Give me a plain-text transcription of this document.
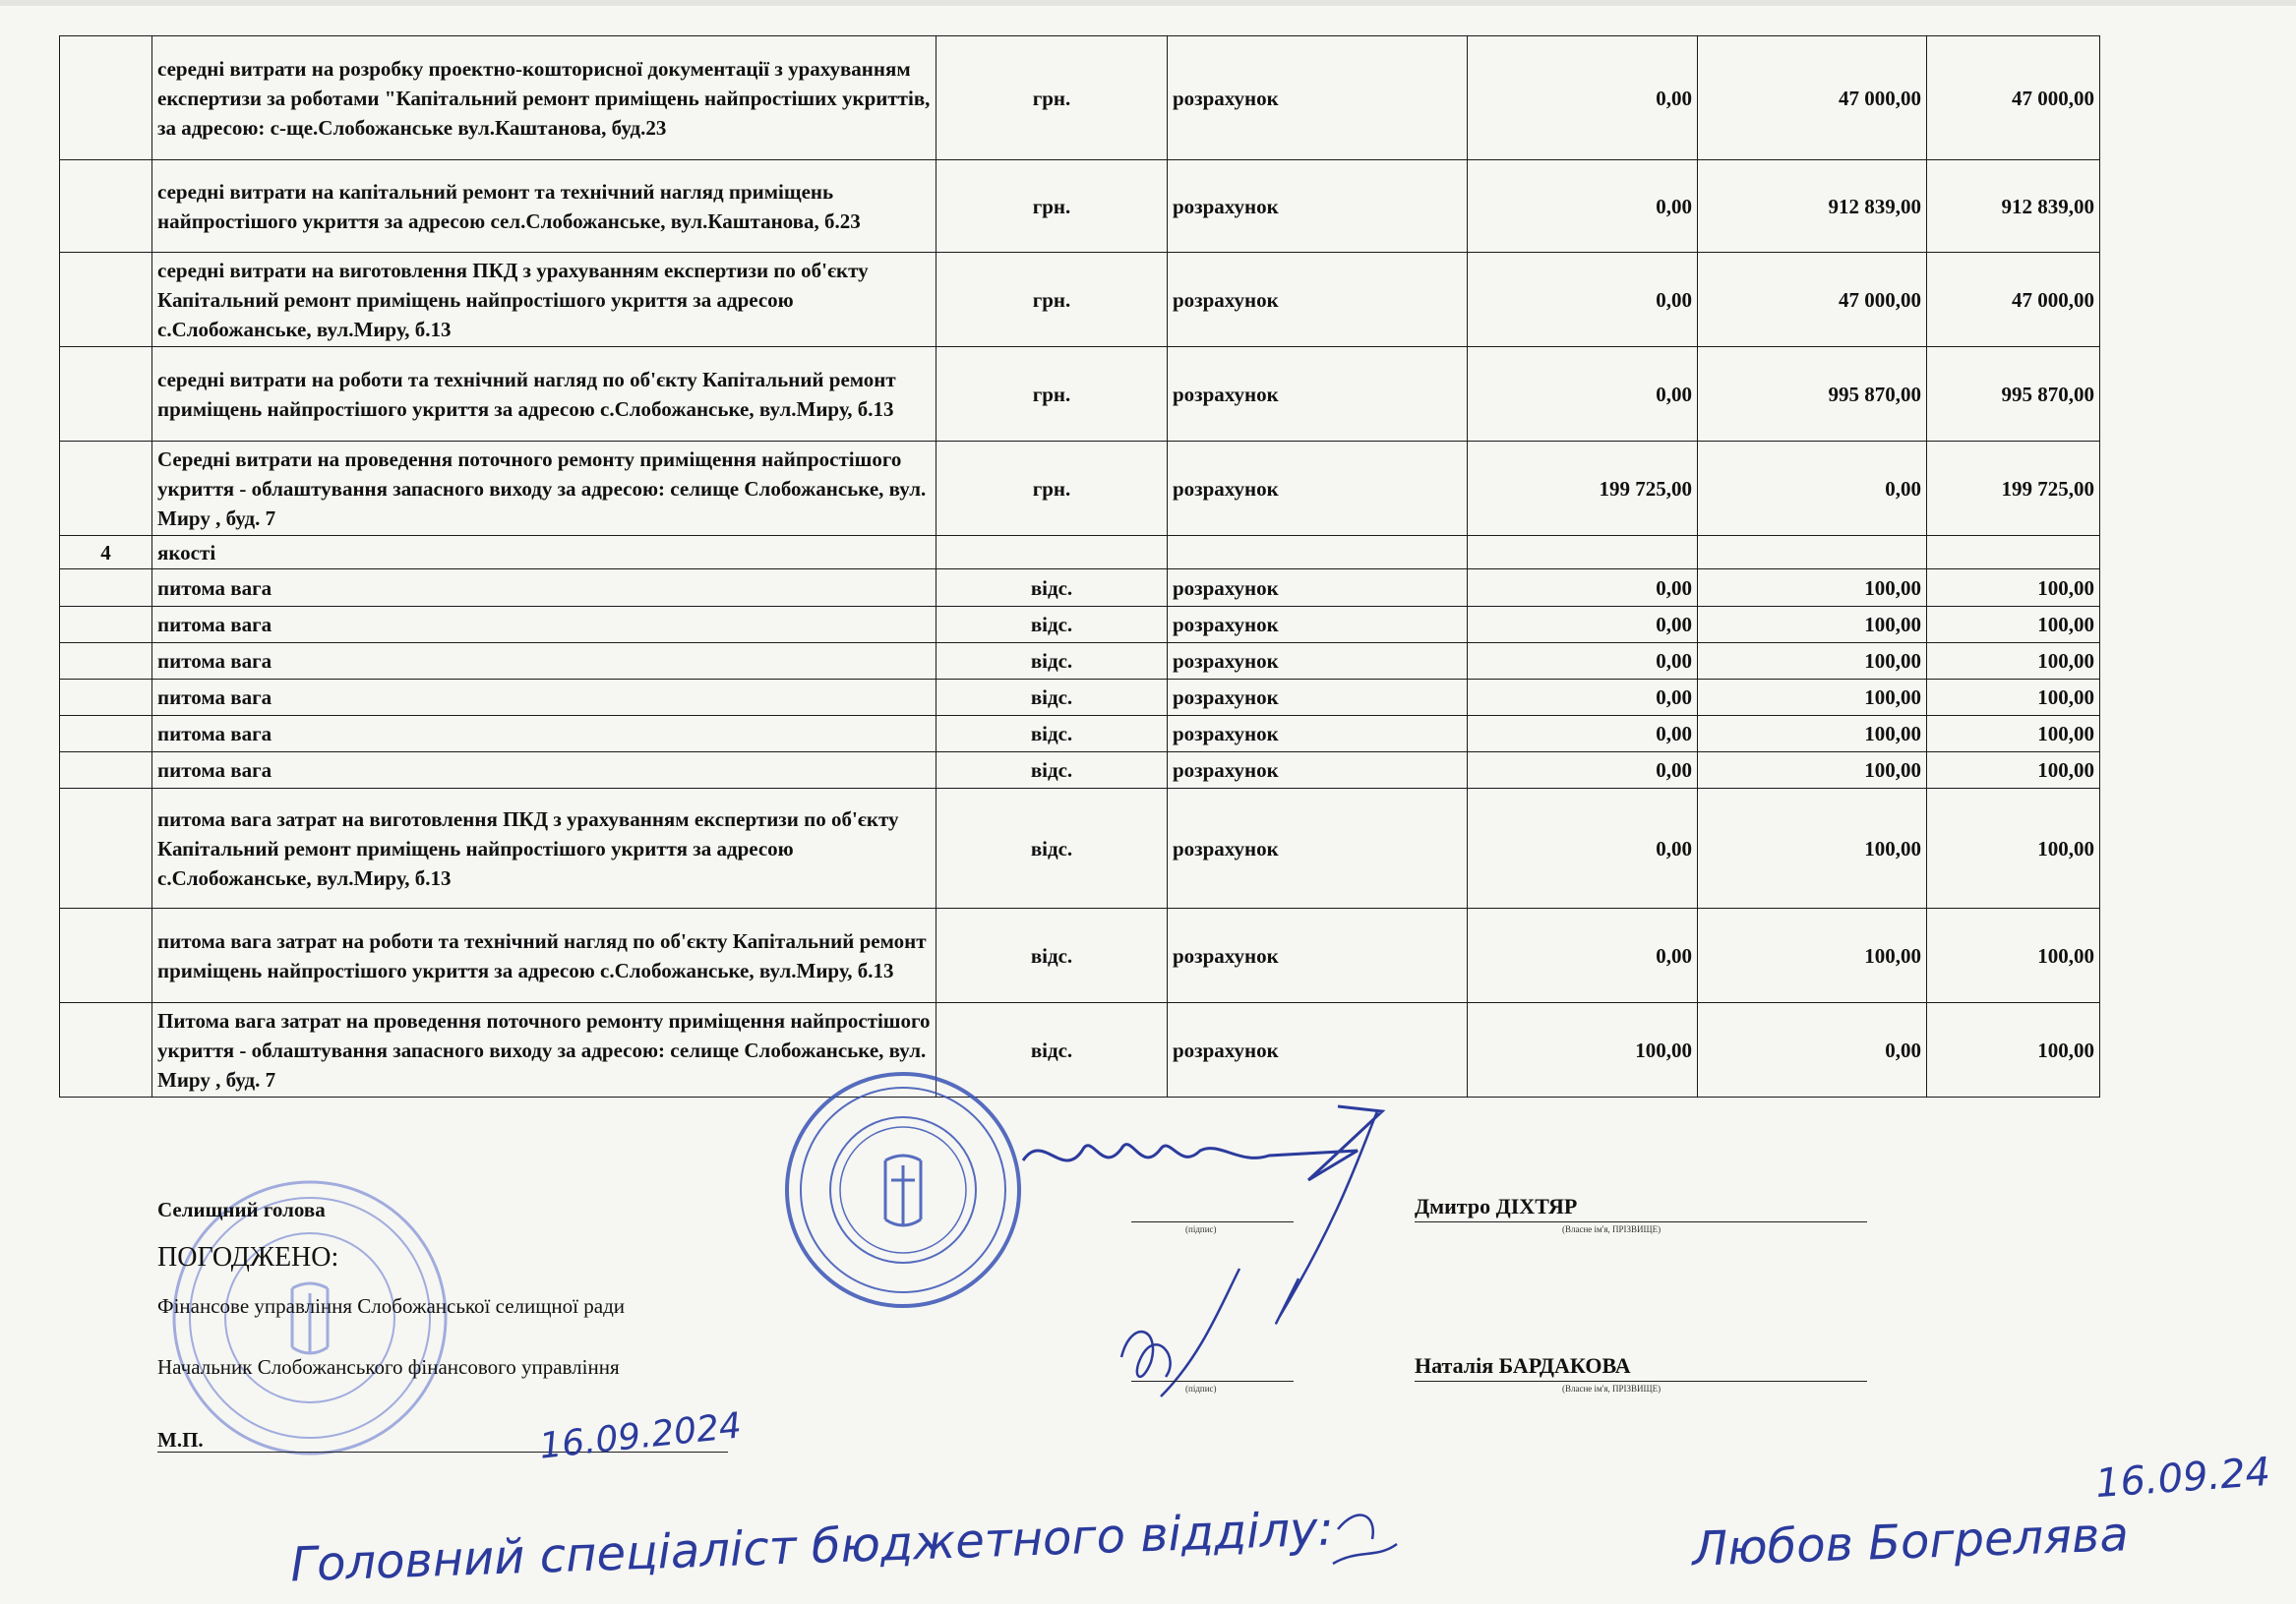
	середні витрати на розробку проектно-кошторисної документації з урахуванням експертизи за роботами "Капітальний ремонт приміщень найпростіших укриттів, за адресою: с-ще.Слобожанське вул.Каштанова, буд.23	грн.	розрахунок	0,00	47 000,00	47 000,00
	середні витрати на капітальний ремонт та технічний нагляд приміщень найпростішого укриття за адресою сел.Слобожанське, вул.Каштанова, б.23	грн.	розрахунок	0,00	912 839,00	912 839,00
	середні витрати на виготовлення ПКД з урахуванням експертизи по об'єкту Капітальний ремонт приміщень найпростішого укриття за адресою с.Слобожанське, вул.Миру, б.13	грн.	розрахунок	0,00	47 000,00	47 000,00
	середні витрати на роботи та технічний нагляд по об'єкту Капітальний ремонт приміщень найпростішого укриття за адресою с.Слобожанське, вул.Миру, б.13	грн.	розрахунок	0,00	995 870,00	995 870,00
	Середні витрати на проведення поточного ремонту приміщення найпростішого укриття - облаштування запасного виходу за адресою: селище Слобожанське, вул. Миру , буд. 7	грн.	розрахунок	199 725,00	0,00	199 725,00
4	якості					
	питома вага	відс.	розрахунок	0,00	100,00	100,00
	питома вага	відс.	розрахунок	0,00	100,00	100,00
	питома вага	відс.	розрахунок	0,00	100,00	100,00
	питома вага	відс.	розрахунок	0,00	100,00	100,00
	питома вага	відс.	розрахунок	0,00	100,00	100,00
	питома вага	відс.	розрахунок	0,00	100,00	100,00
	питома вага затрат на виготовлення ПКД з урахуванням експертизи по об'єкту Капітальний ремонт приміщень найпростішого укриття за адресою с.Слобожанське, вул.Миру, б.13	відс.	розрахунок	0,00	100,00	100,00
	питома вага затрат на роботи та технічний нагляд по об'єкту Капітальний ремонт приміщень найпростішого укриття за адресою с.Слобожанське, вул.Миру, б.13	відс.	розрахунок	0,00	100,00	100,00
	Питома вага затрат на проведення поточного ремонту приміщення найпростішого укриття - облаштування запасного виходу за адресою: селище Слобожанське, вул. Миру , буд. 7	відс.	розрахунок	100,00	0,00	100,00
Селищний голова
ПОГОДЖЕНО:
Фінансове управління Слобожанської селищної ради
Начальник Слобожанського фінансового управління
М.П.
(підпис)
(підпис)
Дмитро ДІХТЯР
(Власне ім'я, ПРІЗВИЩЕ)
Наталія БАРДАКОВА
(Власне ім'я, ПРІЗВИЩЕ)
16.09.2024
16.09.24
Головний спеціаліст бюджетного відділу:	Любов Богрелява
